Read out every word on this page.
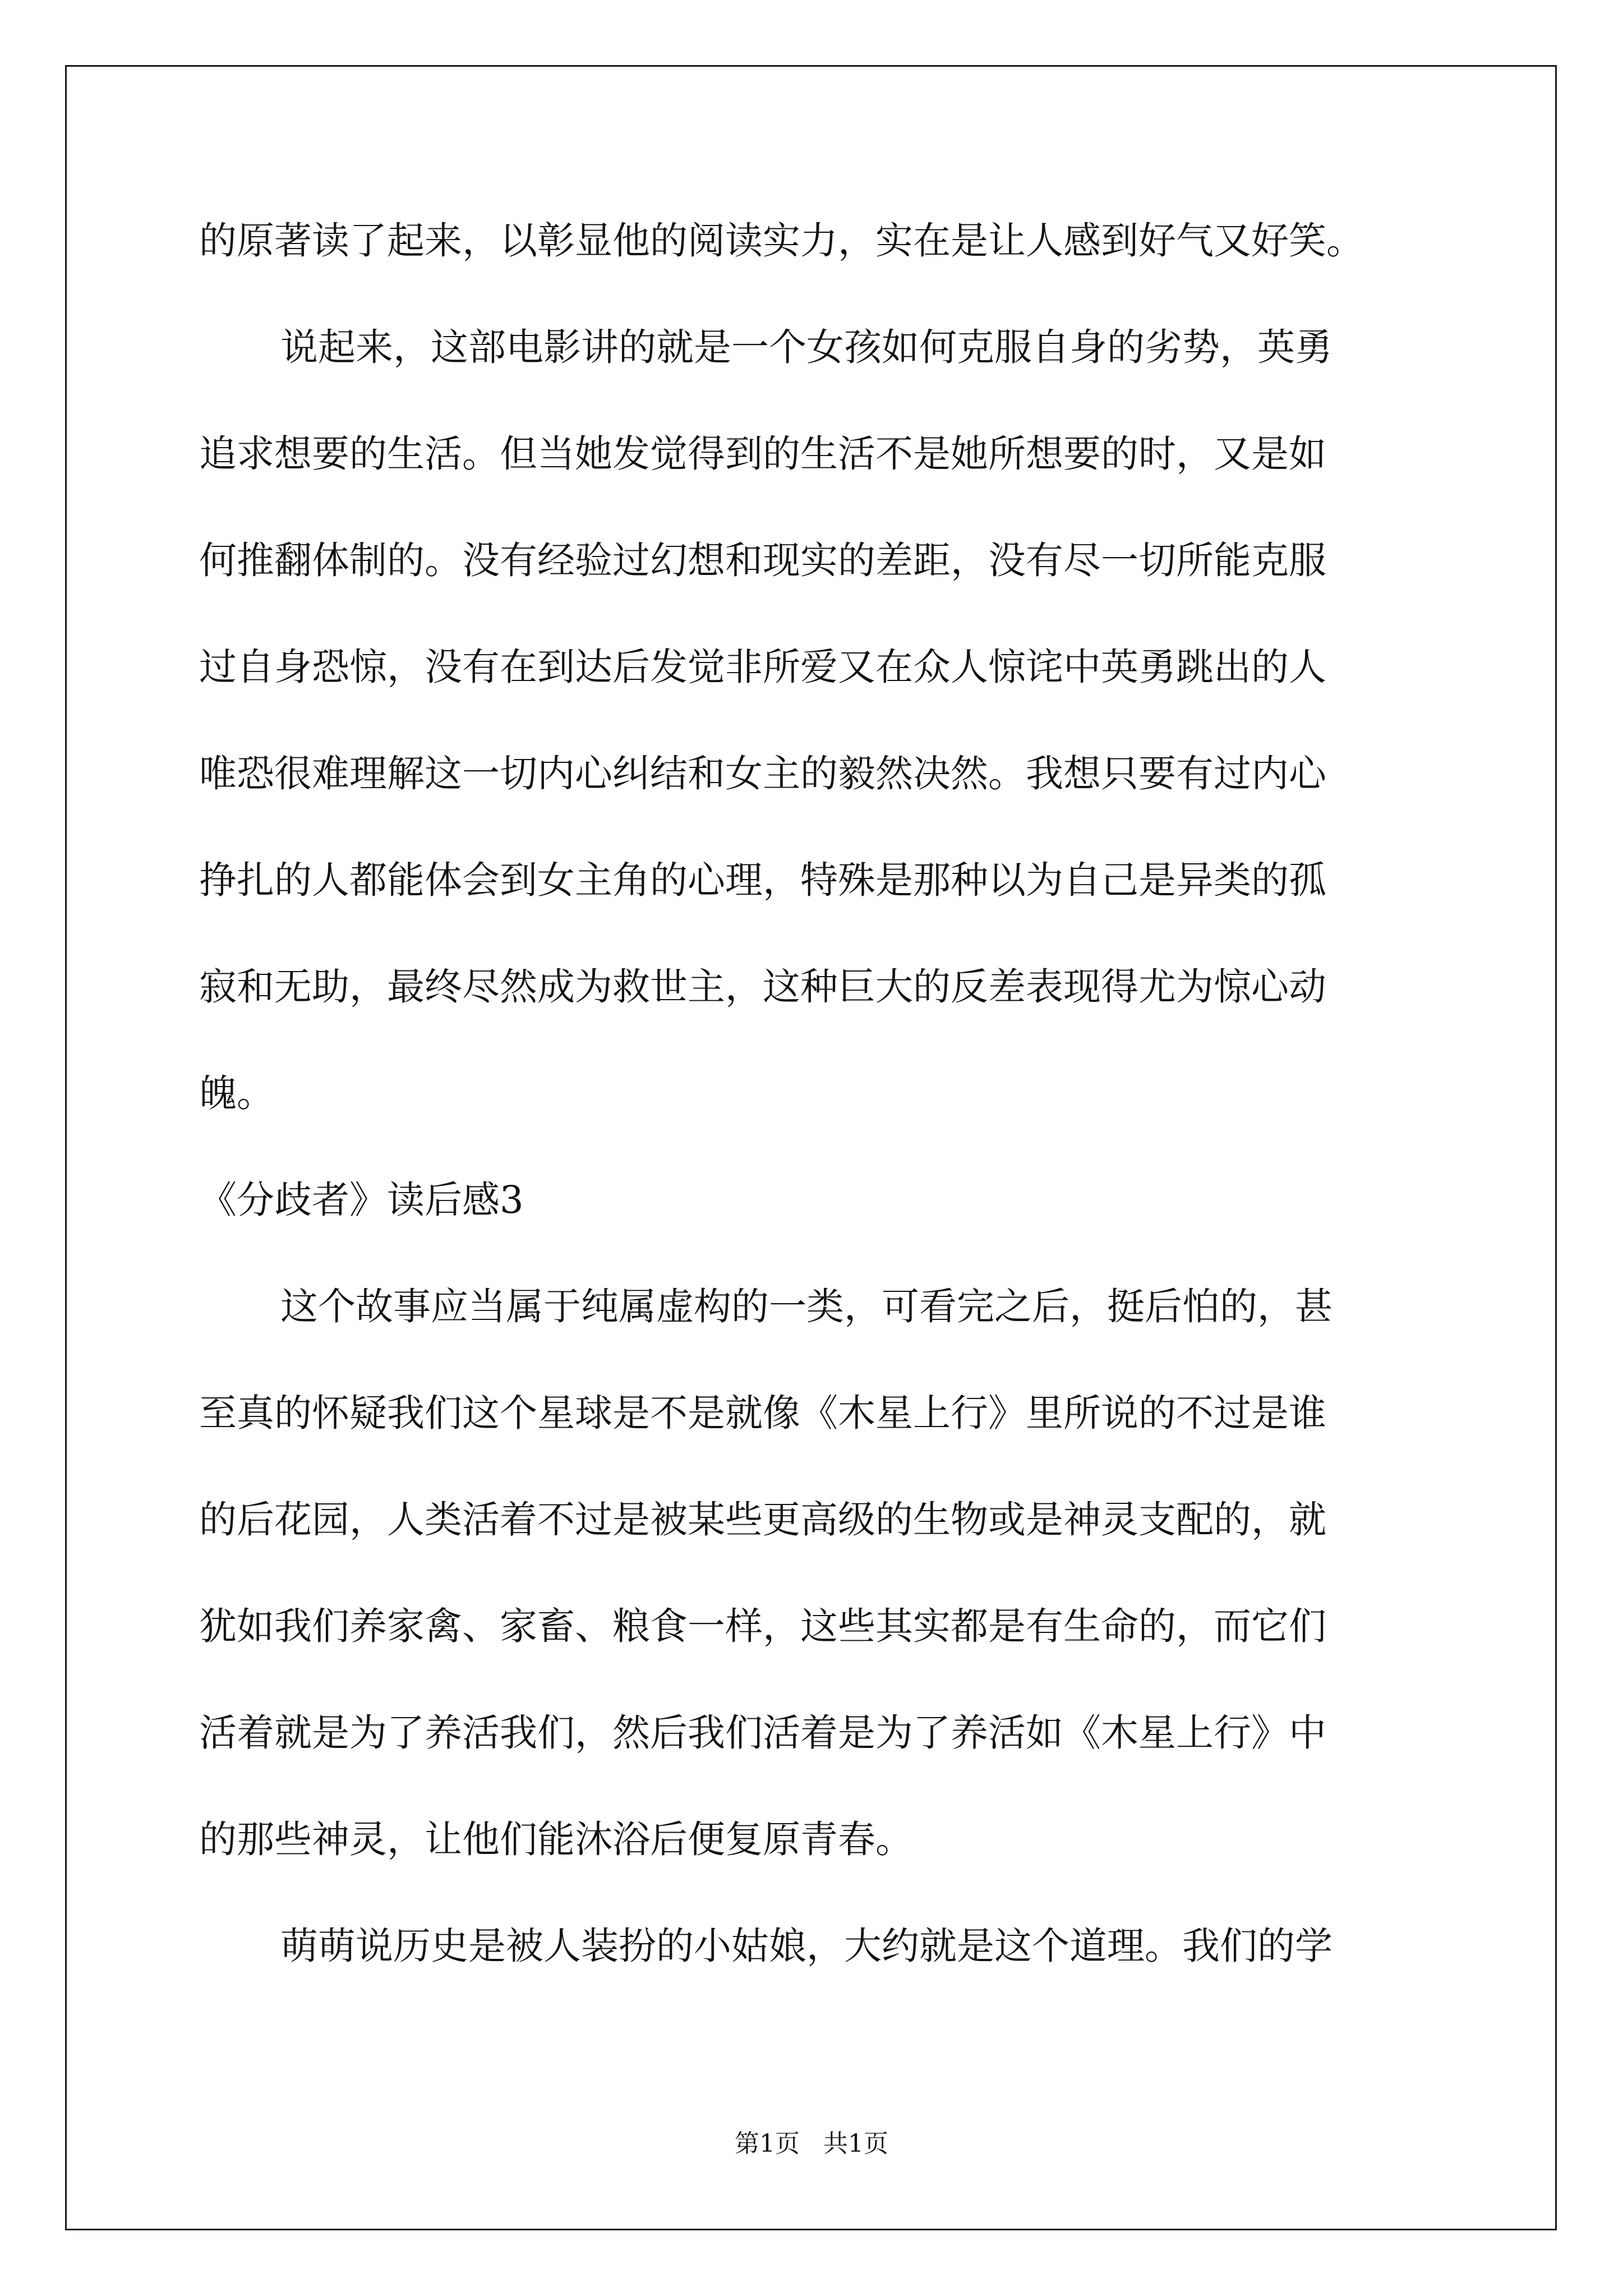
的原著读了起来，以彰显他的阅读实力，实在是让人感到好气又好笑。
说起来，这部电影讲的就是一个女孩如何克服自身的劣势，英勇
追求想要的生活。但当她发觉得到的生活不是她所想要的时，又是如
何推翻体制的。没有经验过幻想和现实的差距，没有尽一切所能克服
过自身恐惊，没有在到达后发觉非所爱又在众人惊诧中英勇跳出的人
唯恐很难理解这一切内心纠结和女主的毅然决然。我想只要有过内心
挣扎的人都能体会到女主角的心理，特殊是那种以为自己是异类的孤
寂和无助，最终尽然成为救世主，这种巨大的反差表现得尤为惊心动
魄。
《分歧者》读后感3
这个故事应当属于纯属虚构的一类，可看完之后，挺后怕的，甚
至真的怀疑我们这个星球是不是就像《木星上行》里所说的不过是谁
的后花园，人类活着不过是被某些更高级的生物或是神灵支配的，就
犹如我们养家禽、家畜、粮食一样，这些其实都是有生命的，而它们
活着就是为了养活我们，然后我们活着是为了养活如《木星上行》中
的那些神灵，让他们能沐浴后便复原青春。
萌萌说历史是被人装扮的小姑娘，大约就是这个道理。我们的学
第1页   共1页
